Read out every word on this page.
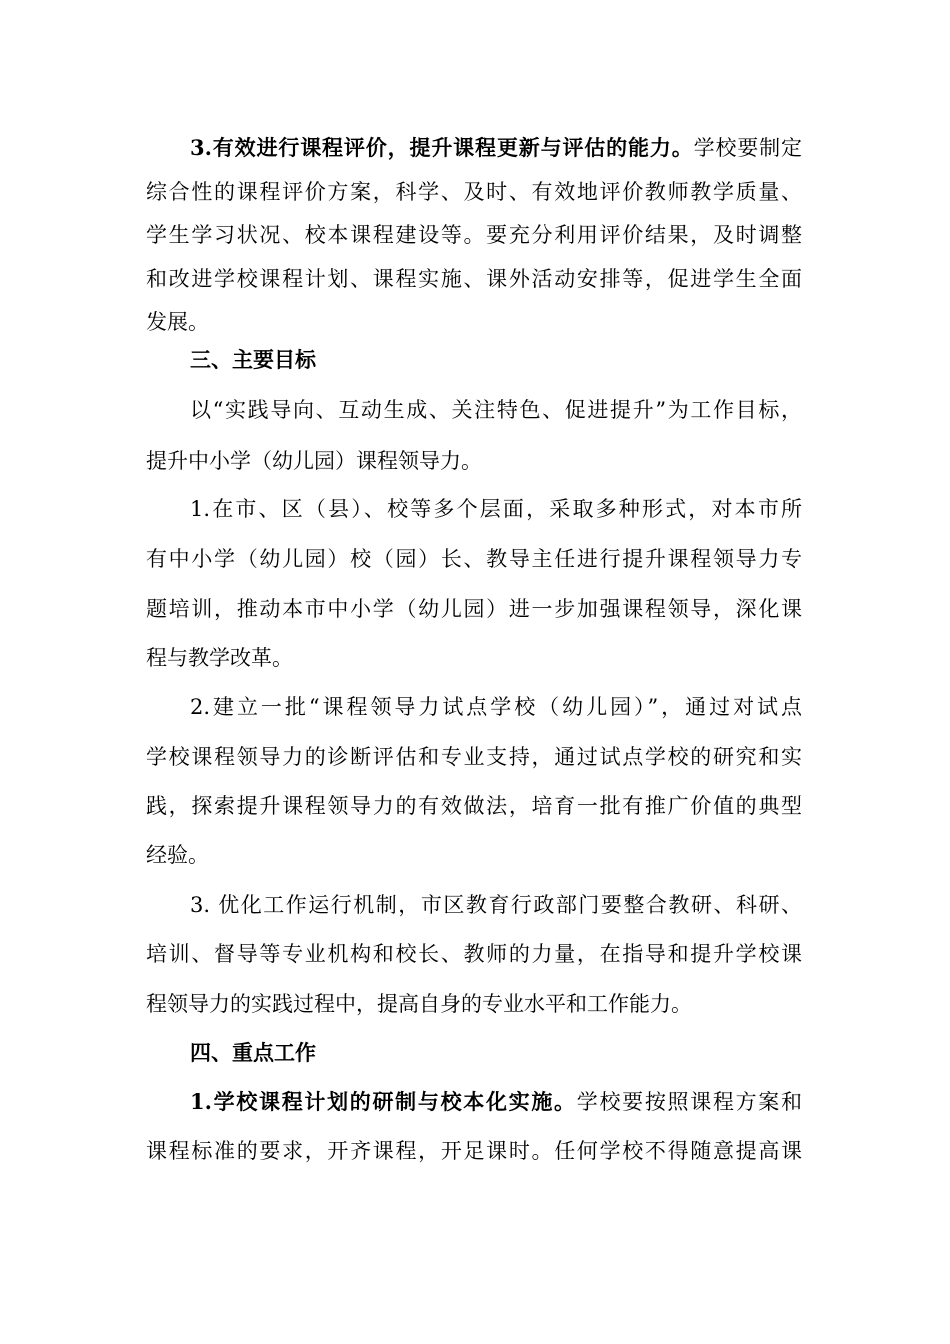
3.有效进行课程评价，提升课程更新与评估的能力。学校要制定
综合性的课程评价方案，科学、及时、有效地评价教师教学质量、
学生学习状况、校本课程建设等。要充分利用评价结果，及时调整
和改进学校课程计划、课程实施、课外活动安排等，促进学生全面
发展。
三、主要目标
以“实践导向、互动生成、关注特色、促进提升”为工作目标，
提升中小学（幼儿园）课程领导力。
1.在市、区（县）、校等多个层面，采取多种形式，对本市所
有中小学（幼儿园）校（园）长、教导主任进行提升课程领导力专
题培训，推动本市中小学（幼儿园）进一步加强课程领导，深化课
程与教学改革。
2.建立一批“课程领导力试点学校（幼儿园）”，通过对试点
学校课程领导力的诊断评估和专业支持，通过试点学校的研究和实
践，探索提升课程领导力的有效做法，培育一批有推广价值的典型
经验。
3. 优化工作运行机制，市区教育行政部门要整合教研、科研、
培训、督导等专业机构和校长、教师的力量，在指导和提升学校课
程领导力的实践过程中，提高自身的专业水平和工作能力。
四、重点工作
1.学校课程计划的研制与校本化实施。学校要按照课程方案和
课程标准的要求，开齐课程，开足课时。任何学校不得随意提高课
